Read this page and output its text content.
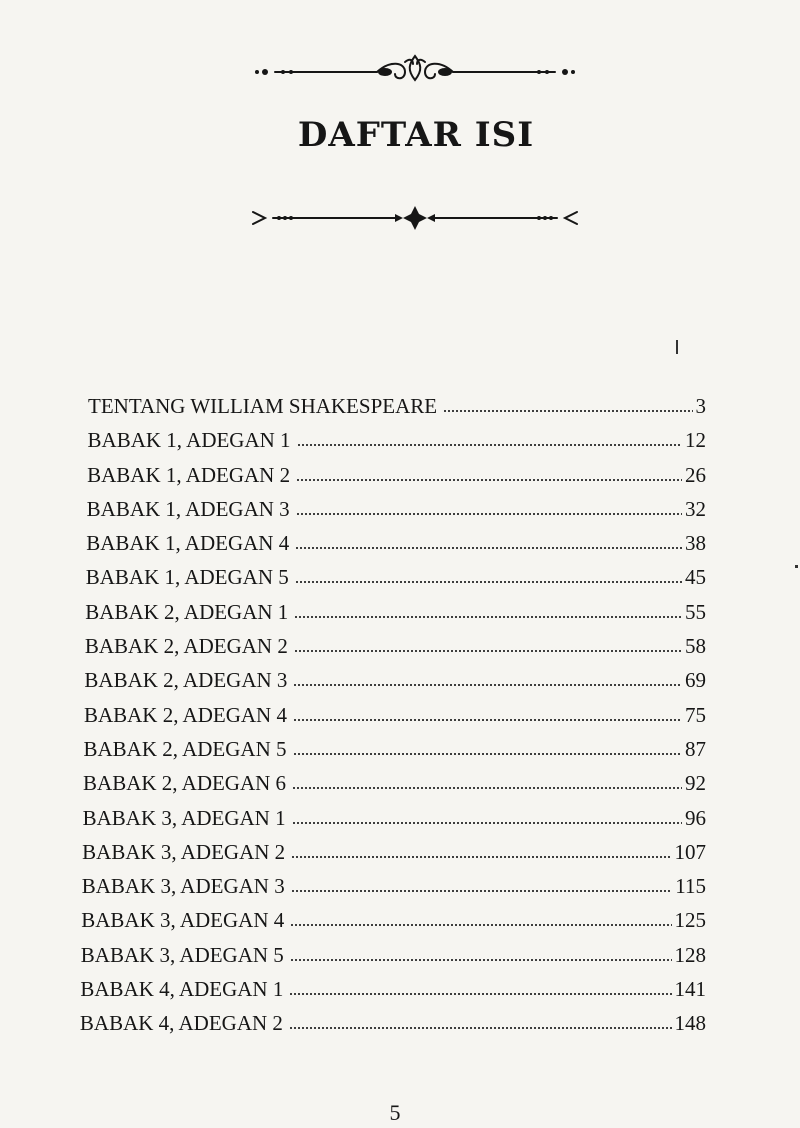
DAFTAR ISI
TENTANG WILLIAM SHAKESPEARE	3
BABAK 1, ADEGAN 1	12
BABAK 1, ADEGAN 2	26
BABAK 1, ADEGAN 3	32
BABAK 1, ADEGAN 4	38
BABAK 1, ADEGAN 5	45
BABAK 2, ADEGAN 1	55
BABAK 2, ADEGAN 2	58
BABAK 2, ADEGAN 3	69
BABAK 2, ADEGAN 4	75
BABAK 2, ADEGAN 5	87
BABAK 2, ADEGAN 6	92
BABAK 3, ADEGAN 1	96
BABAK 3, ADEGAN 2	107
BABAK 3, ADEGAN 3	115
BABAK 3, ADEGAN 4	125
BABAK 3, ADEGAN 5	128
BABAK 4, ADEGAN 1	141
BABAK 4, ADEGAN 2	148
5
